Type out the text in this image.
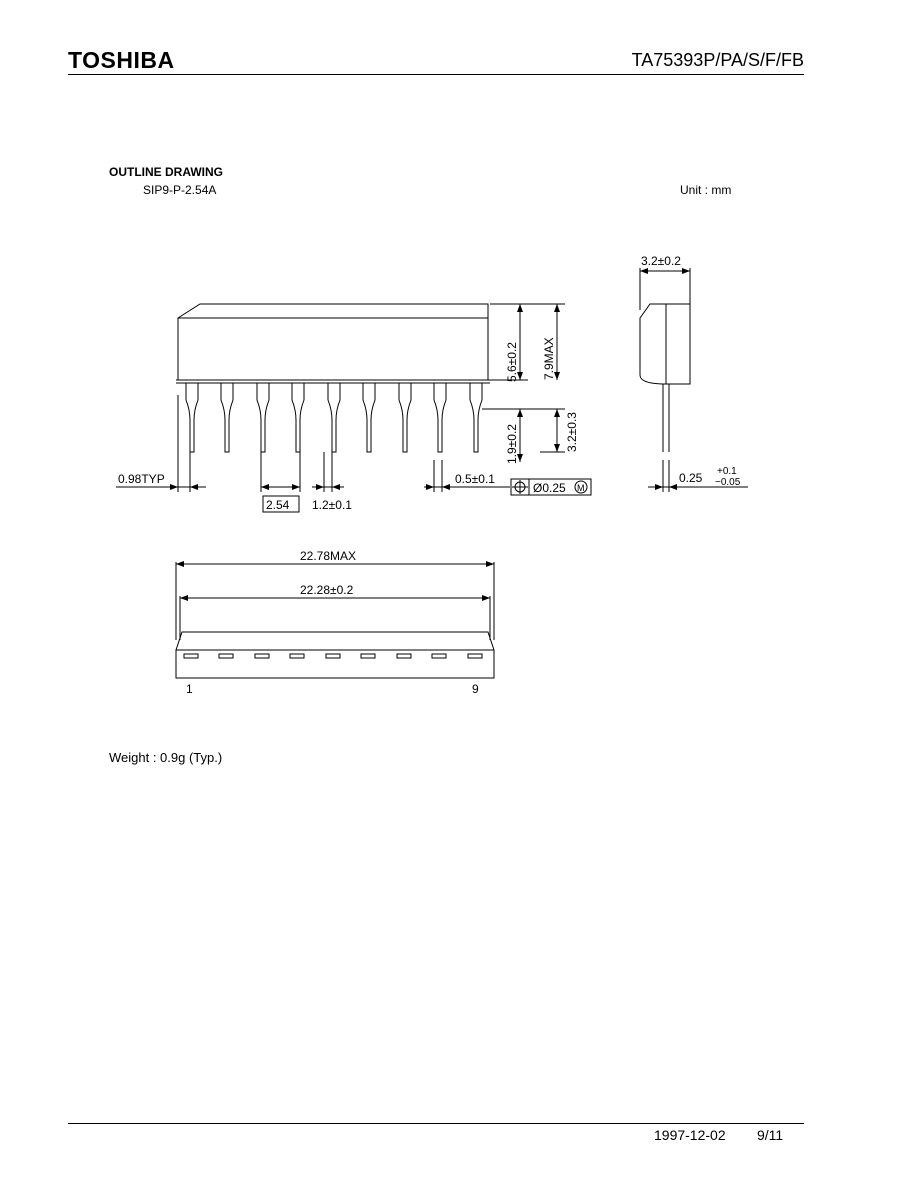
TOSHIBA	TA75393P/PA/S/F/FB
OUTLINE DRAWING
SIP9-P-2.54A	Unit : mm
0.98TYP
2.54 1.2±0.1
0.5±0.1
Ø0.25 M
5.6±0.2 7.9MAX
1.9±0.2	3.2±0.3
3.2±0.2
0.25 +0.1
−0.05
22.78MAX
22.28±0.2
1	9
Weight : 0.9g (Typ.)
1997-12-02 9/11
